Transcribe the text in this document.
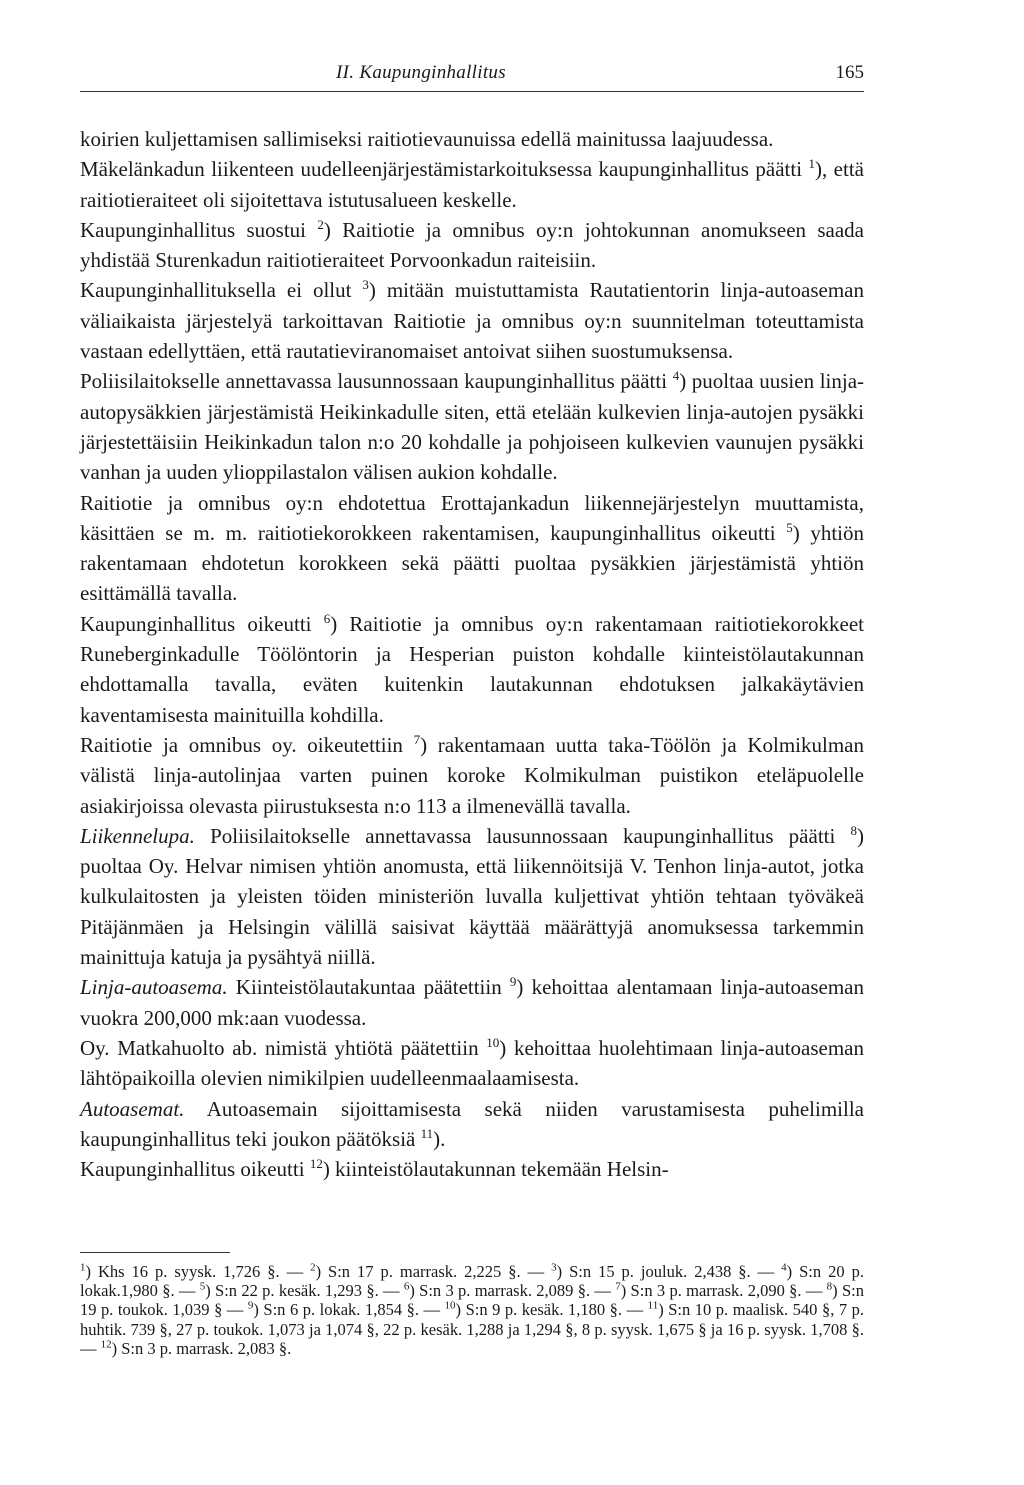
II. Kaupunginhallitus	165

koirien kuljettamisen sallimiseksi raitiotievaunuissa edellä mainitussa laajuudessa.

Mäkelänkadun liikenteen uudelleenjärjestämistarkoituksessa kaupunginhallitus päätti $^1$), että raitiotieraiteet oli sijoitettava istutusalueen keskelle.

Kaupunginhallitus suostui $^2$) Raitiotie ja omnibus oy:n johtokunnan anomukseen saada yhdistää Sturenkadun raitiotieraiteet Porvoonkadun raiteisiin.

Kaupunginhallituksella ei ollut $^3$) mitään muistuttamista Rautatientorin linja-autoaseman väliaikaista järjestelyä tarkoittavan Raitiotie ja omnibus oy:n suunnitelman toteuttamista vastaan edellyttäen, että rautatieviranomaiset antoivat siihen suostumuksensa.

Poliisilaitokselle annettavassa lausunnossaan kaupunginhallitus päätti $^4$) puoltaa uusien linja-autopysäkkien järjestämistä Heikinkadulle siten, että etelään kulkevien linja-autojen pysäkki järjestettäisiin Heikinkadun talon n:o 20 kohdalle ja pohjoiseen kulkevien vaunujen pysäkki vanhan ja uuden ylioppilastalon välisen aukion kohdalle.

Raitiotie ja omnibus oy:n ehdotettua Erottajankadun liikennejärjestelyn muuttamista, käsittäen se m. m. raitiotiekorokkeen rakentamisen, kaupunginhallitus oikeutti $^5$) yhtiön rakentamaan ehdotetun korokkeen sekä päätti puoltaa pysäkkien järjestämistä yhtiön esittämällä tavalla.

Kaupunginhallitus oikeutti $^6$) Raitiotie ja omnibus oy:n rakentamaan raitiotiekorokkeet Runeberginkadulle Töölöntorin ja Hesperian puiston kohdalle kiinteistölautakunnan ehdottamalla tavalla, eväten kuitenkin lautakunnan ehdotuksen jalkakäytävien kaventamisesta mainituilla kohdilla.

Raitiotie ja omnibus oy. oikeutettiin $^7$) rakentamaan uutta taka-Töölön ja Kolmikulman välistä linja-autolinjaa varten puinen koroke Kolmikulman puistikon eteläpuolelle asiakirjoissa olevasta piirustuksesta n:o 113 a ilmenevällä tavalla.

Liikennelupa. Poliisilaitokselle annettavassa lausunnossaan kaupunginhallitus päätti $^8$) puoltaa Oy. Helvar nimisen yhtiön anomusta, että liikennöitsijä V. Tenhon linja-autot, jotka kulkulaitosten ja yleisten töiden ministeriön luvalla kuljettivat yhtiön tehtaan työväkeä Pitäjänmäen ja Helsingin välillä saisivat käyttää määrättyjä anomuksessa tarkemmin mainittuja katuja ja pysähtyä niillä.

Linja-autoasema. Kiinteistölautakuntaa päätettiin $^9$) kehoittaa alentamaan linja-autoaseman vuokra 200,000 mk:aan vuodessa.

Oy. Matkahuolto ab. nimistä yhtiötä päätettiin $^{10}$) kehoittaa huolehtimaan linja-autoaseman lähtöpaikoilla olevien nimikilpien uudelleenmaalaamisesta.

Autoasemat. Autoasemain sijoittamisesta sekä niiden varustamisesta puhelimilla kaupunginhallitus teki joukon päätöksiä $^{11}$).

Kaupunginhallitus oikeutti $^{12}$) kiinteistölautakunnan tekemään Helsin-

$^1$) Khs 16 p. syysk. 1,726 §. — $^2$) S:n 17 p. marrask. 2,225 §. — $^3$) S:n 15 p. jouluk. 2,438 §. — $^4$) S:n 20 p. lokak.1,980 §. — $^5$) S:n 22 p. kesäk. 1,293 §. — $^6$) S:n 3 p. marrask. 2,089 §. — $^7$) S:n 3 p. marrask. 2,090 §. — $^8$) S:n 19 p. toukok. 1,039 § — $^9$) S:n 6 p. lokak. 1,854 §. — $^{10}$) S:n 9 p. kesäk. 1,180 §. — $^{11}$) S:n 10 p. maalisk. 540 §, 7 p. huhtik. 739 §, 27 p. toukok. 1,073 ja 1,074 §, 22 p. kesäk. 1,288 ja 1,294 §, 8 p. syysk. 1,675 § ja 16 p. syysk. 1,708 §. — $^{12}$) S:n 3 p. marrask. 2,083 §.
